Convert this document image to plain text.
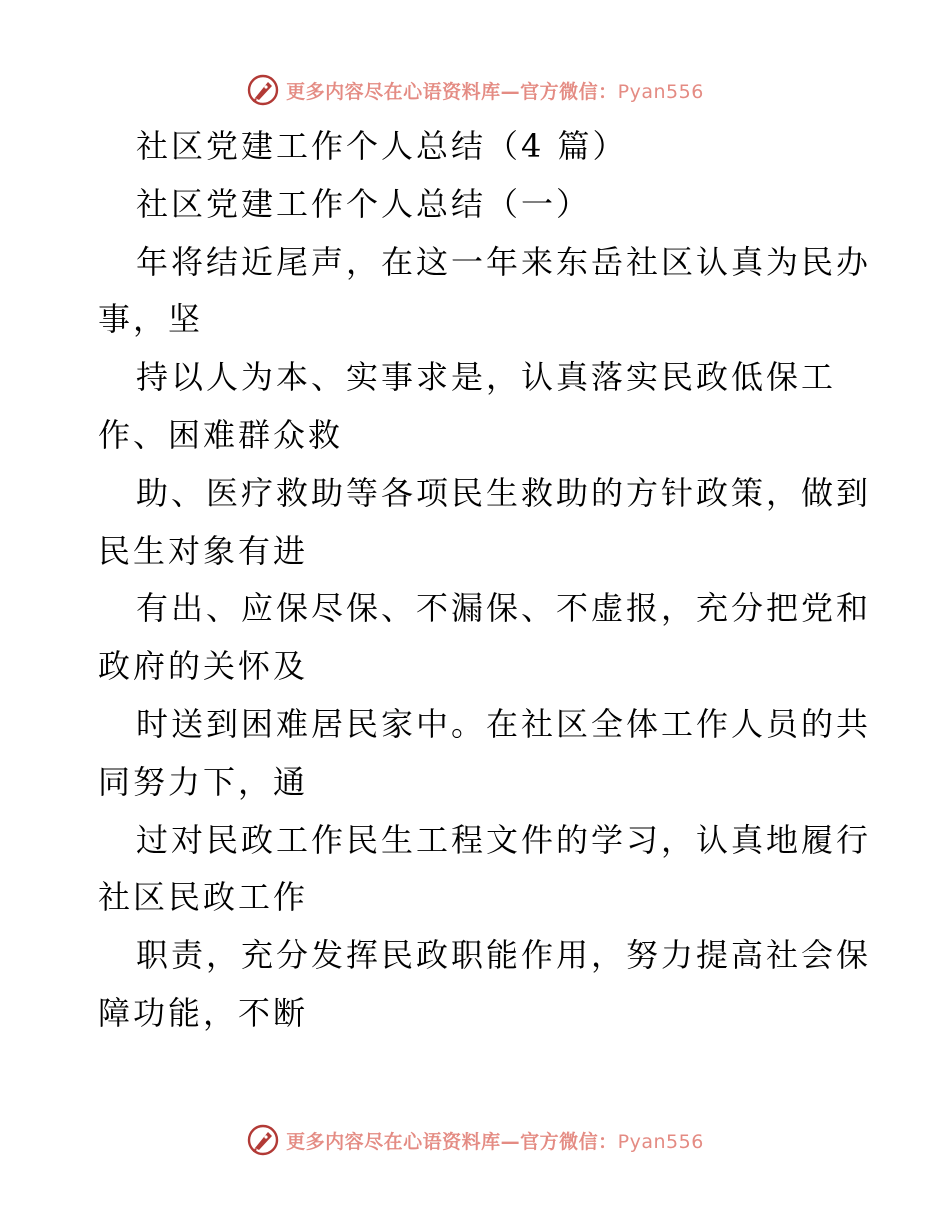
更多内容尽在心语资料库—官方微信：Pyan556
社区党建工作个人总结（4 篇）
社区党建工作个人总结（一）
年将结近尾声，在这一年来东岳社区认真为民办
事，坚
持以人为本、实事求是，认真落实民政低保工
作、困难群众救
助、医疗救助等各项民生救助的方针政策，做到
民生对象有进
有出、应保尽保、不漏保、不虚报，充分把党和
政府的关怀及
时送到困难居民家中。在社区全体工作人员的共
同努力下，通
过对民政工作民生工程文件的学习，认真地履行
社区民政工作
职责，充分发挥民政职能作用，努力提高社会保
障功能，不断
更多内容尽在心语资料库—官方微信：Pyan556
